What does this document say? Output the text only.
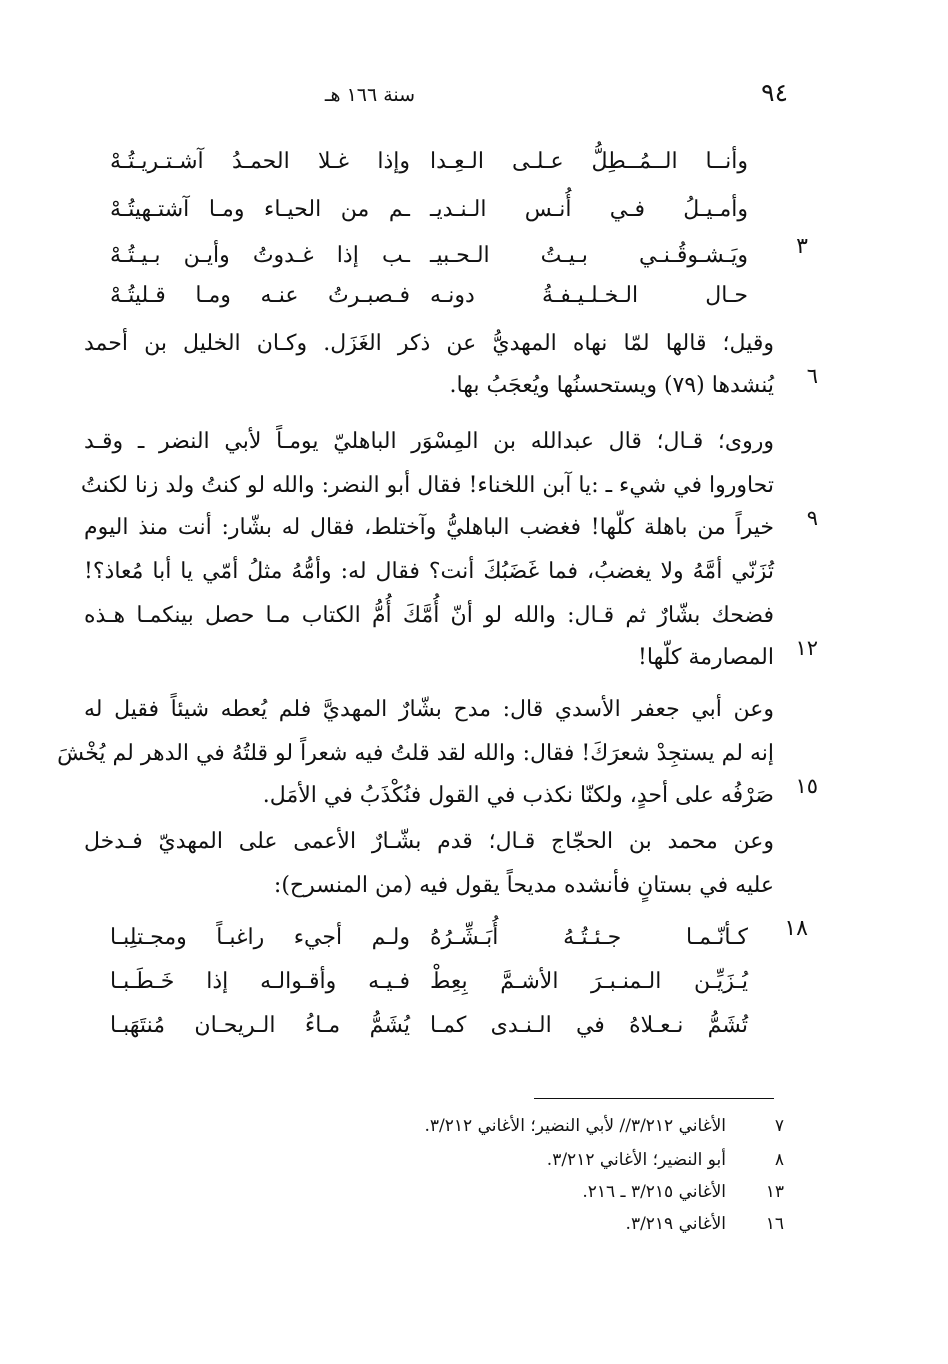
٩٤
سنة ١٦٦ هـ
وأنــا الــمُــطِلُّ عـلـى الـعِـدا
وإذا غـلا الحمـدُ آشـتـريـتُـهْ
وأمـيـلُ فـي أُنـس الـنـديـ
ـم من الحيـاء ومـا آشتـهيتُـهْ
٣
ويَـشـوقُـنـي بـيـتُ الـحـبيـ
ـب إذا غـدوتُ وأيـن بـيـتُـهْ
حـال الـخـلـيـفـةُ دونـه
فـصبـرتُ عنـه ومـا قـليتُـهْ
وقيل؛ قالها لمّا نهاه المهديُّ عن ذكر الغَزَل. وكـان الخليل بن أحمد
٦
يُنشدها (٧٩) ويستحسنُها ويُعجَبُ بها.
وروى؛ قـال؛ قال عبدالله بن المِسْوَر الباهليّ يومـاً لأبي النضر ـ وقـد
تحاوروا في شيء ـ :يا آبن اللخناء! فقال أبو النضر: والله لو كنتُ ولد زنا لكنتُ
٩
خيراً من باهلة كلّها! فغضب الباهليُّ وآختلط، فقال له بشّار: أنت منذ اليوم
تُزَنّي أمَّهُ ولا يغضبُ، فما غَضَبُكَ أنت؟ فقال له: وأمُّهُ مثلُ أمّي يا أبا مُعاذ؟!
فضحك بشّارٌ ثم قـال: والله لو أنّ أُمَّكَ أُمُّ الكتاب مـا حصل بينكمـا هـذه
١٢
المصارمة كلّها!
وعن أبي جعفر الأسدي قال: مدح بشّارٌ المهديَّ فلم يُعطه شيئاً فقيل له
إنه لم يستجِدْ شعرَكَ! فقال: والله لقد قلتُ فيه شعراً لو قلتُهُ في الدهر لم يُخْشَ
١٥
صَرْفُه على أحدٍ، ولكنّا نكذب في القول فنُكْذَبُ في الأمَل.
وعن محمد بن الحجّاج قـال؛ قدم بشّـارٌ الأعمى على المهديّ فـدخل
عليه في بستانٍ فأنشده مديحاً يقول فيه (من المنسرح):
١٨
كـأنّـمـا جـئـتُـهُ أُبَـشِّـرُهُ
ولـم أجيء راغبـاً ومجـتلِبـا
يُـزَيِّـن الـمنـبـرَ الأشـمَّ بِعِطْ
فـيـه وأقـوالـه إذا خَـطَـبـا
تُشَمُّ نـعـلاهُ في الـنـدى كمـا
يُشَمُّ مـاءُ الـريحـان مُنتَهَبـا
٧
الأغاني ٣/٢١٢// لأبي النضير؛ الأغاني ٣/٢١٢.
٨
أبو النضير؛ الأغاني ٣/٢١٢.
١٣
الأغاني ٣/٢١٥ ـ ٢١٦.
١٦
الأغاني ٣/٢١٩.
